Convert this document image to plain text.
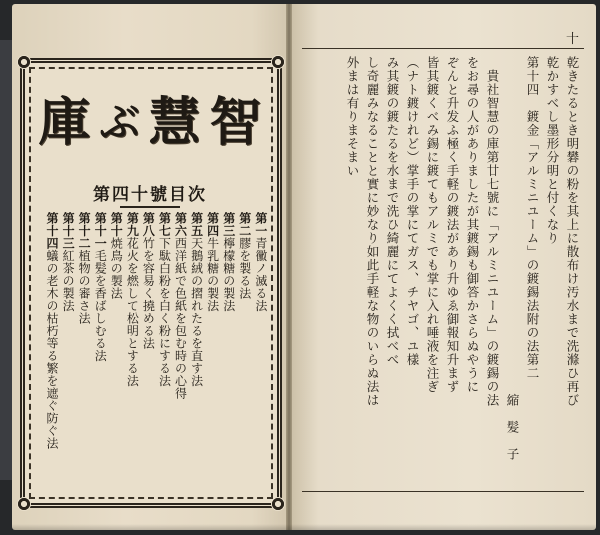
智
慧
ぶ
庫
第四十號目次
第一青黴ノ滅る法
第二膠を製る法
第三檸檬糖の製法
第四牛乳糖の製法
第五天鵝絨の摺れたるを直す法
第六西洋紙で色紙を包む時の心得
第七下駄白粉を白く粉にする法
第八竹を容易く撓める法
第九花火を燃して松明とする法
第十焼鳥の製法
第十一毛髪を香ばしむる法
第十二植物の審さ法
第十三紅茶の製法
第十四蟻の老木の枯朽等る繁を遮ぐ防ぐ法
十

乾きたるとき明礬の粉を其上に散布け汚水まで洗滌ひ再び

乾かすべし墨形分明と付くなり

第十四　鍍金「アルミニユーム」の鍍錫法附の法第二

　　　　　　　　　　　　　　　　　　　　　　　　　縮　髪　子

　貴社智慧の庫第廿七號に「アルミニユーム」の鍍錫の法

をお尋の人がありましたが其鍍錫も御答かさらぬやうに

ぞんと升发ふ極く手軽の鍍法があり升ゆゑ御報知升まず

皆其鍍くべみ錫に鍍てもアルミでも掌に入れ唾液を注ぎ

（ナト鍍けれど）掌手の掌にてガス、チヤゴ、ユ樣

み其鍍の鍍たるを水まで洗ひ綺麗にてよくく拭べべ

し奇麗みなることと實に妙なり如此手軽な物のいらぬ法は

外まは有りまそまい
